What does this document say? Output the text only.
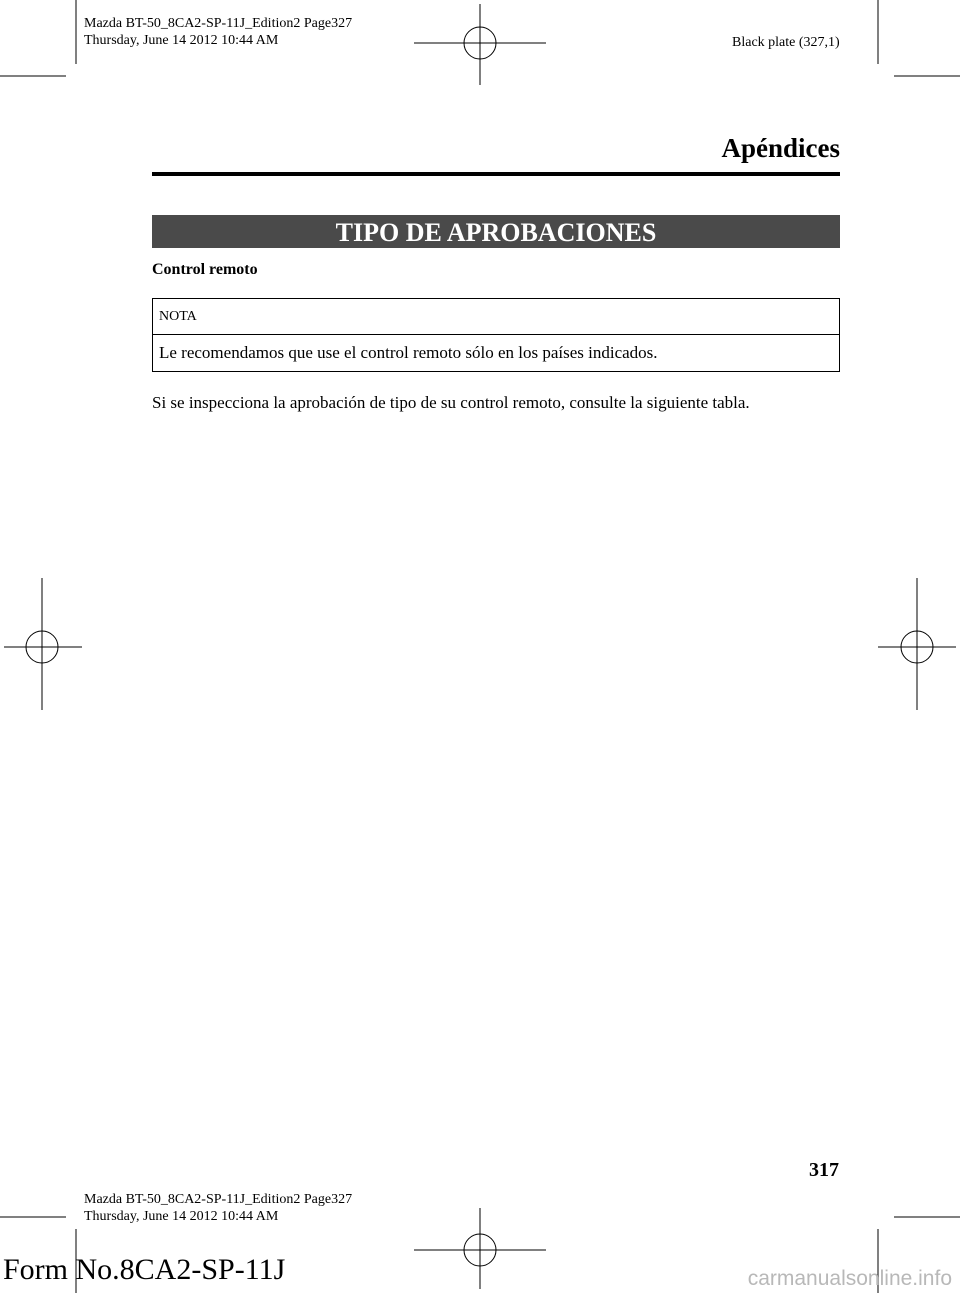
Mazda BT-50_8CA2-SP-11J_Edition2 Page327
Thursday, June 14 2012 10:44 AM	Black plate (327,1)
Apéndices
TIPO DE APROBACIONES
Control remoto
NOTA
Le recomendamos que use el control remoto sólo en los países indicados.
Si se inspecciona la aprobación de tipo de su control remoto, consulte la siguiente tabla.
317
Mazda BT-50_8CA2-SP-11J_Edition2 Page327
Thursday, June 14 2012 10:44 AM
Form No.8CA2-SP-11J	carmanualsonline.info
